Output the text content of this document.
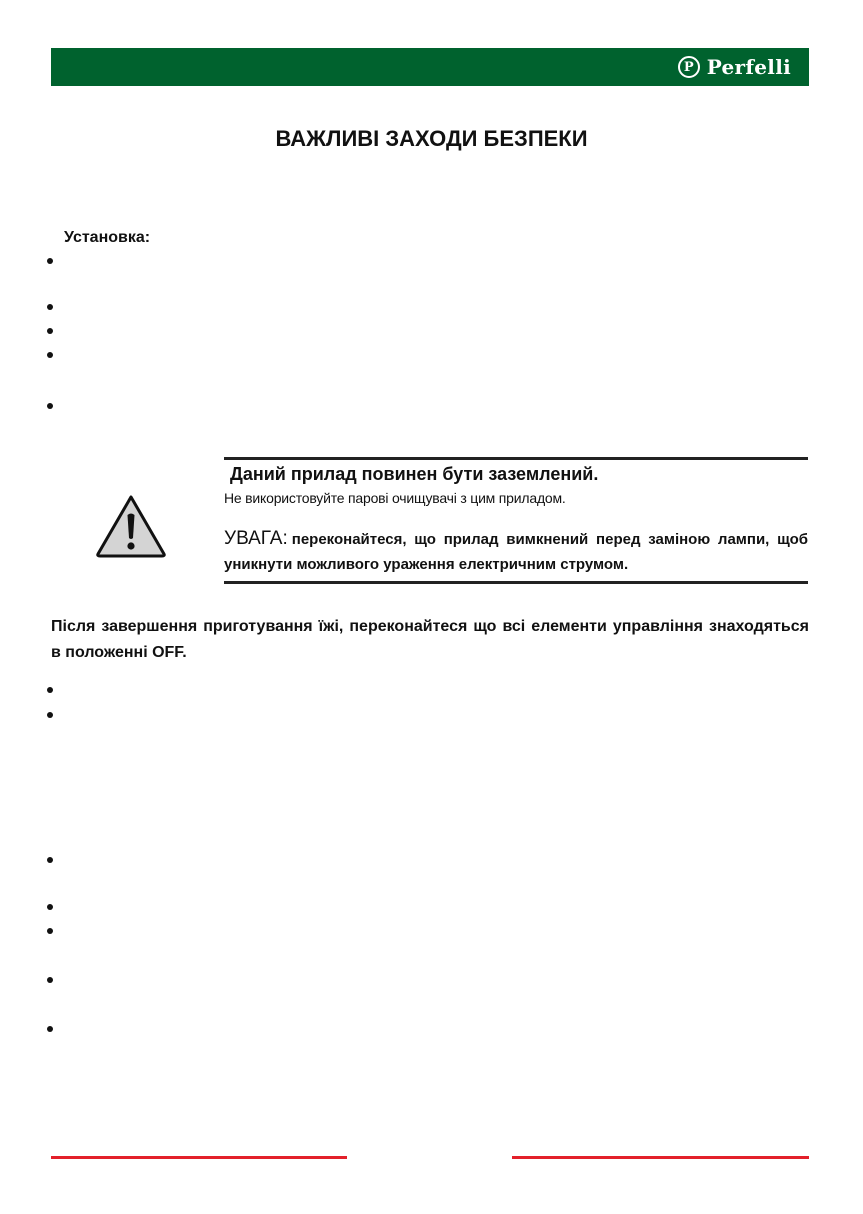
P Perfelli
ВАЖЛИВІ ЗАХОДИ БЕЗПЕКИ
Установка:

Даний прилад повинен бути заземлений.

Не використовуйте парові очищувачі з цим приладом.

УВАГА: переконайтеся, що прилад вимкнений перед заміною лампи, щоб уникнути можливого ураження електричним струмом.

Після завершення приготування їжі, переконайтеся що всі елементи управління знаходяться в положенні OFF.
